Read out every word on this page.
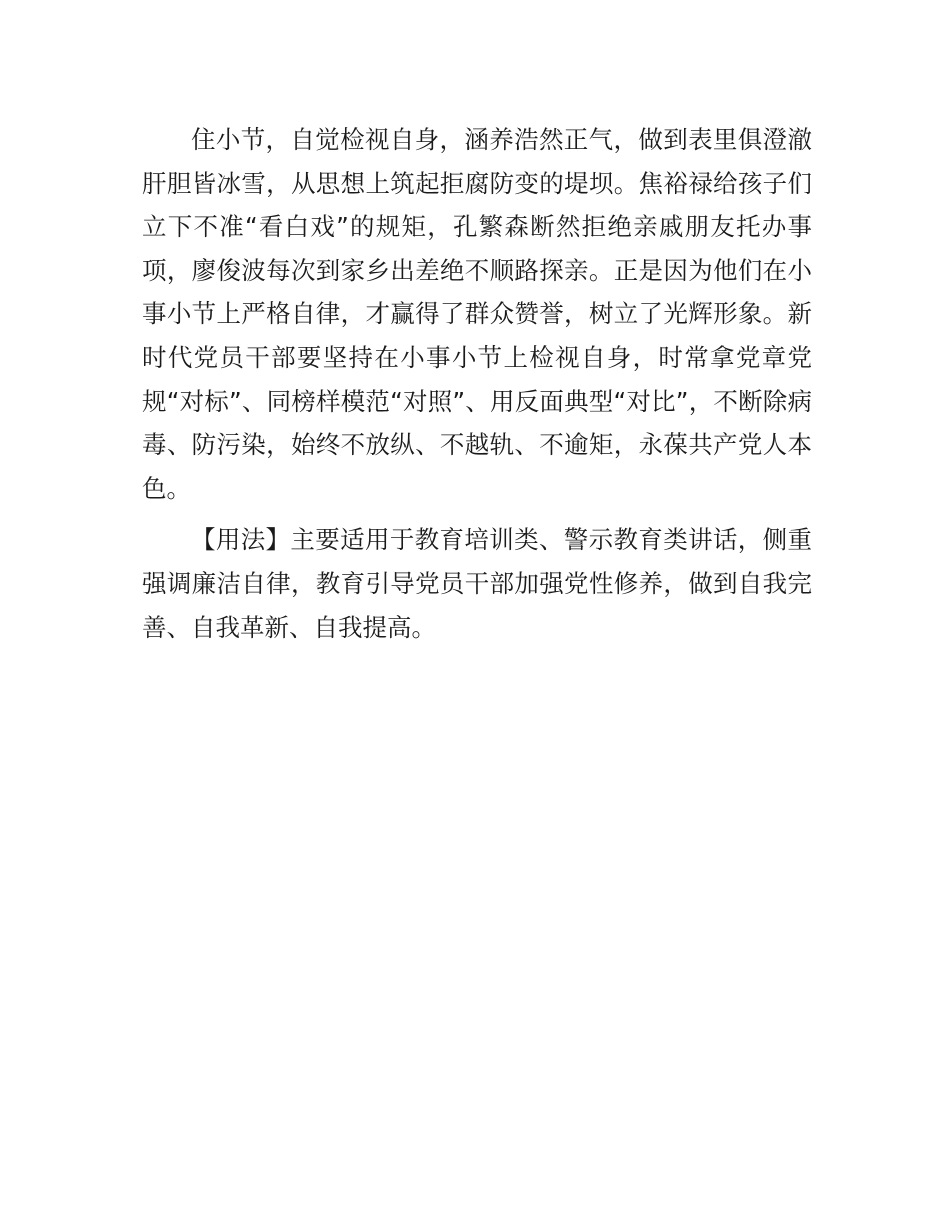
住小节，自觉检视自身，涵养浩然正气，做到表里俱澄澈肝胆皆冰雪，从思想上筑起拒腐防变的堤坝。焦裕禄给孩子们立下不准“看白戏”的规矩，孔繁森断然拒绝亲戚朋友托办事项，廖俊波每次到家乡出差绝不顺路探亲。正是因为他们在小事小节上严格自律，才赢得了群众赞誉，树立了光辉形象。新时代党员干部要坚持在小事小节上检视自身，时常拿党章党规“对标”、同榜样模范“对照”、用反面典型“对比”，不断除病毒、防污染，始终不放纵、不越轨、不逾矩，永葆共产党人本色。

【用法】主要适用于教育培训类、警示教育类讲话，侧重强调廉洁自律，教育引导党员干部加强党性修养，做到自我完善、自我革新、自我提高。
